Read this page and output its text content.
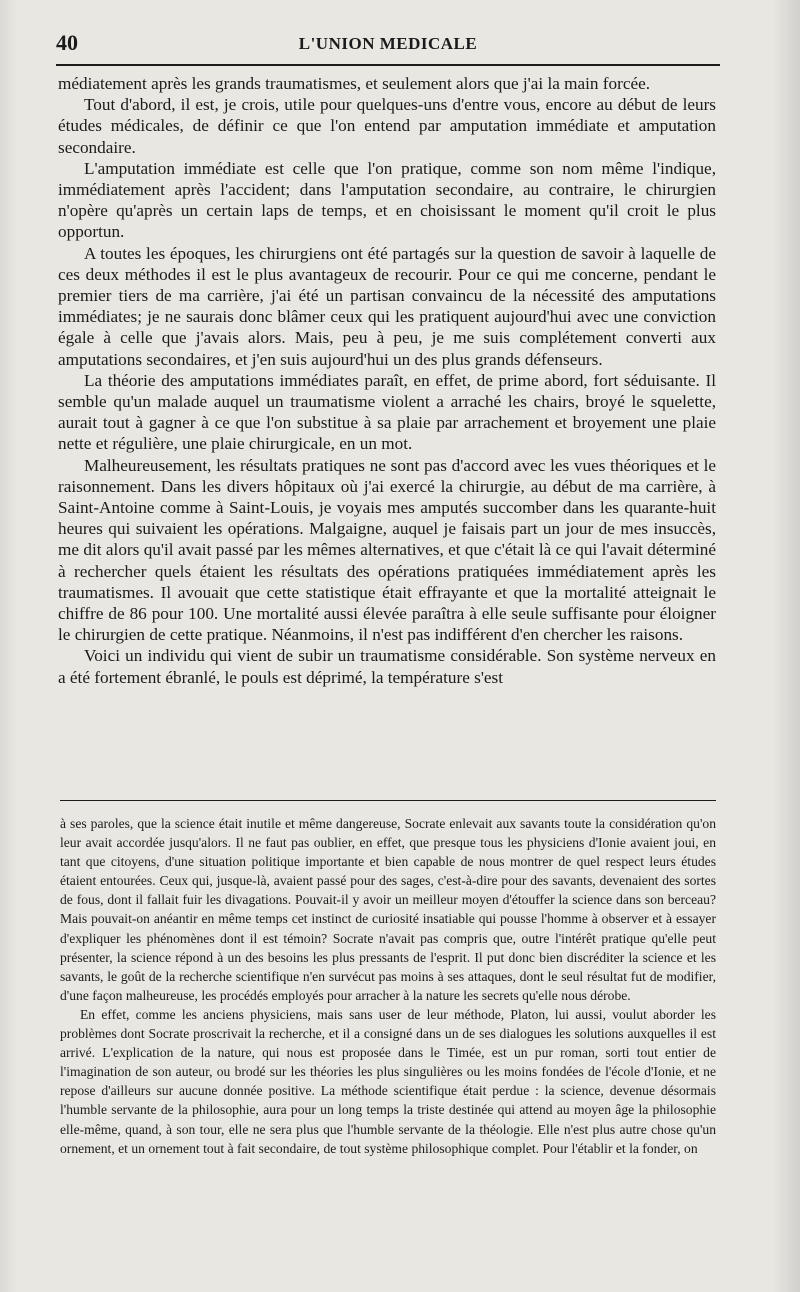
40	L'UNION MEDICALE

médiatement après les grands traumatismes, et seulement alors que j'ai la main forcée.

Tout d'abord, il est, je crois, utile pour quelques-uns d'entre vous, encore au début de leurs études médicales, de définir ce que l'on entend par amputation immédiate et amputation secondaire.

L'amputation immédiate est celle que l'on pratique, comme son nom même l'indique, immédiatement après l'accident; dans l'amputation secondaire, au contraire, le chirurgien n'opère qu'après un certain laps de temps, et en choisissant le moment qu'il croit le plus opportun.

A toutes les époques, les chirurgiens ont été partagés sur la question de savoir à laquelle de ces deux méthodes il est le plus avantageux de recourir. Pour ce qui me concerne, pendant le premier tiers de ma carrière, j'ai été un partisan convaincu de la nécessité des amputations immédiates; je ne saurais donc blâmer ceux qui les pratiquent aujourd'hui avec une conviction égale à celle que j'avais alors. Mais, peu à peu, je me suis complétement converti aux amputations secondaires, et j'en suis aujourd'hui un des plus grands défenseurs.

La théorie des amputations immédiates paraît, en effet, de prime abord, fort séduisante. Il semble qu'un malade auquel un traumatisme violent a arraché les chairs, broyé le squelette, aurait tout à gagner à ce que l'on substitue à sa plaie par arrachement et broyement une plaie nette et régulière, une plaie chirurgicale, en un mot.

Malheureusement, les résultats pratiques ne sont pas d'accord avec les vues théoriques et le raisonnement. Dans les divers hôpitaux où j'ai exercé la chirurgie, au début de ma carrière, à Saint-Antoine comme à Saint-Louis, je voyais mes amputés succomber dans les quarante-huit heures qui suivaient les opérations. Malgaigne, auquel je faisais part un jour de mes insuccès, me dit alors qu'il avait passé par les mêmes alternatives, et que c'était là ce qui l'avait déterminé à rechercher quels étaient les résultats des opérations pratiquées immédiatement après les traumatismes. Il avouait que cette statistique était effrayante et que la mortalité atteignait le chiffre de 86 pour 100. Une mortalité aussi élevée paraîtra à elle seule suffisante pour éloigner le chirurgien de cette pratique. Néanmoins, il n'est pas indifférent d'en chercher les raisons.

Voici un individu qui vient de subir un traumatisme considérable. Son système nerveux en a été fortement ébranlé, le pouls est déprimé, la température s'est

à ses paroles, que la science était inutile et même dangereuse, Socrate enlevait aux savants toute la considération qu'on leur avait accordée jusqu'alors. Il ne faut pas oublier, en effet, que presque tous les physiciens d'Ionie avaient joui, en tant que citoyens, d'une situation politique importante et bien capable de nous montrer de quel respect leurs études étaient entourées. Ceux qui, jusque-là, avaient passé pour des sages, c'est-à-dire pour des savants, devenaient des sortes de fous, dont il fallait fuir les divagations. Pouvait-il y avoir un meilleur moyen d'étouffer la science dans son berceau? Mais pouvait-on anéantir en même temps cet instinct de curiosité insatiable qui pousse l'homme à observer et à essayer d'expliquer les phénomènes dont il est témoin? Socrate n'avait pas compris que, outre l'intérêt pratique qu'elle peut présenter, la science répond à un des besoins les plus pressants de l'esprit. Il put donc bien discréditer la science et les savants, le goût de la recherche scientifique n'en survécut pas moins à ses attaques, dont le seul résultat fut de modifier, d'une façon malheureuse, les procédés employés pour arracher à la nature les secrets qu'elle nous dérobe.

En effet, comme les anciens physiciens, mais sans user de leur méthode, Platon, lui aussi, voulut aborder les problèmes dont Socrate proscrivait la recherche, et il a consigné dans un de ses dialogues les solutions auxquelles il est arrivé. L'explication de la nature, qui nous est proposée dans le Timée, est un pur roman, sorti tout entier de l'imagination de son auteur, ou brodé sur les théories les plus singulières ou les moins fondées de l'école d'Ionie, et ne repose d'ailleurs sur aucune donnée positive. La méthode scientifique était perdue : la science, devenue désormais l'humble servante de la philosophie, aura pour un long temps la triste destinée qui attend au moyen âge la philosophie elle-même, quand, à son tour, elle ne sera plus que l'humble servante de la théologie. Elle n'est plus autre chose qu'un ornement, et un ornement tout à fait secondaire, de tout système philosophique complet. Pour l'établir et la fonder, on
